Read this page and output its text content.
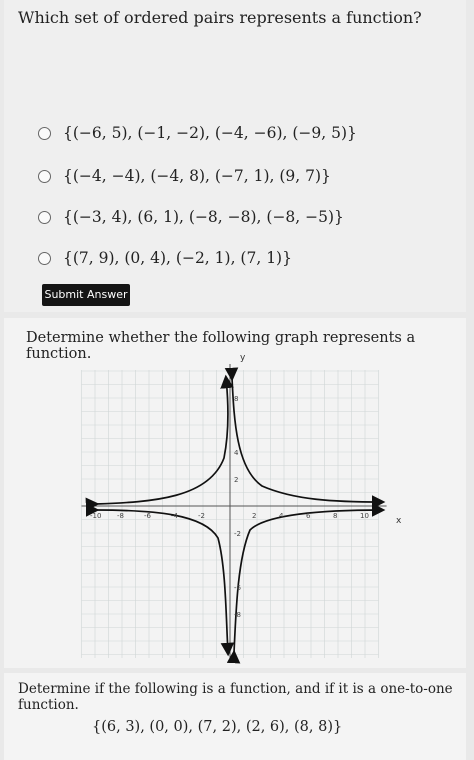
Which set of ordered pairs represents a function?
{(−6, 5), (−1, −2), (−4, −6), (−9, 5)}
{(−4, −4), (−4, 8), (−7, 1), (9, 7)}
{(−3, 4), (6, 1), (−8, −8), (−8, −5)}
{(7, 9), (0, 4), (−2, 1), (7, 1)}
Submit Answer
Determine whether the following graph represents a function.
x
y
-10 -8	-6	-4	-2	2	4	6	8	10
8
4
2
-2
-6
-8
Determine if the following is a function, and if it is a one-to-one function.
{(6, 3), (0, 0), (7, 2), (2, 6), (8, 8)}
